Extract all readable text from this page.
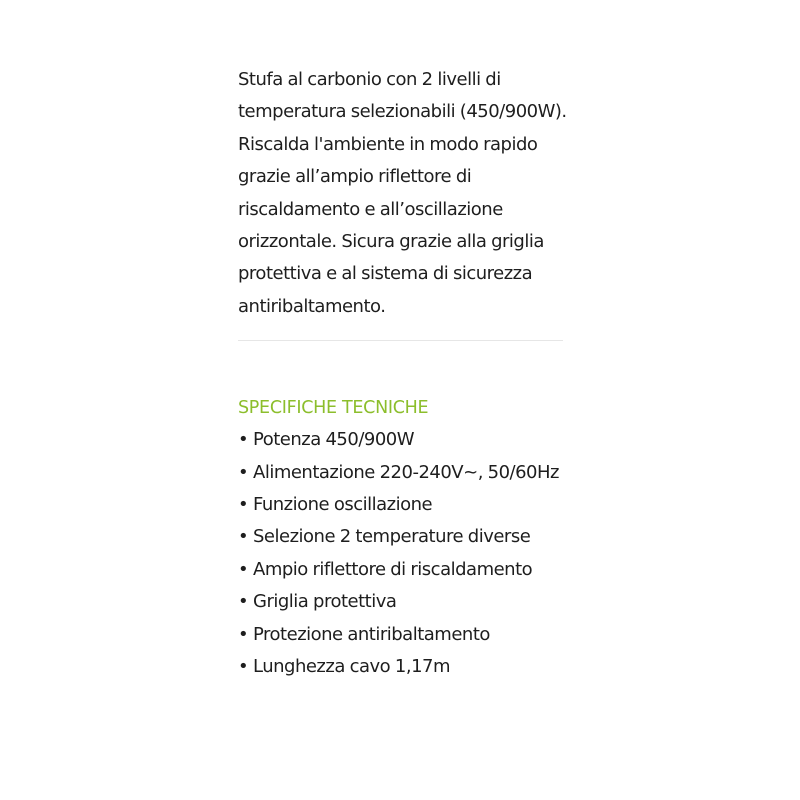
Stufa al carbonio con 2 livelli di temperatura selezionabili (450/900W). Riscalda l'ambiente in modo rapido grazie all’ampio riflettore di riscaldamento e all’oscillazione orizzontale. Sicura grazie alla griglia protettiva e al sistema di sicurezza antiribaltamento.

SPECIFICHE TECNICHE
• Potenza 450/900W
• Alimentazione 220-240V~, 50/60Hz
• Funzione oscillazione
• Selezione 2 temperature diverse
• Ampio riflettore di riscaldamento
• Griglia protettiva
• Protezione antiribaltamento
• Lunghezza cavo 1,17m
